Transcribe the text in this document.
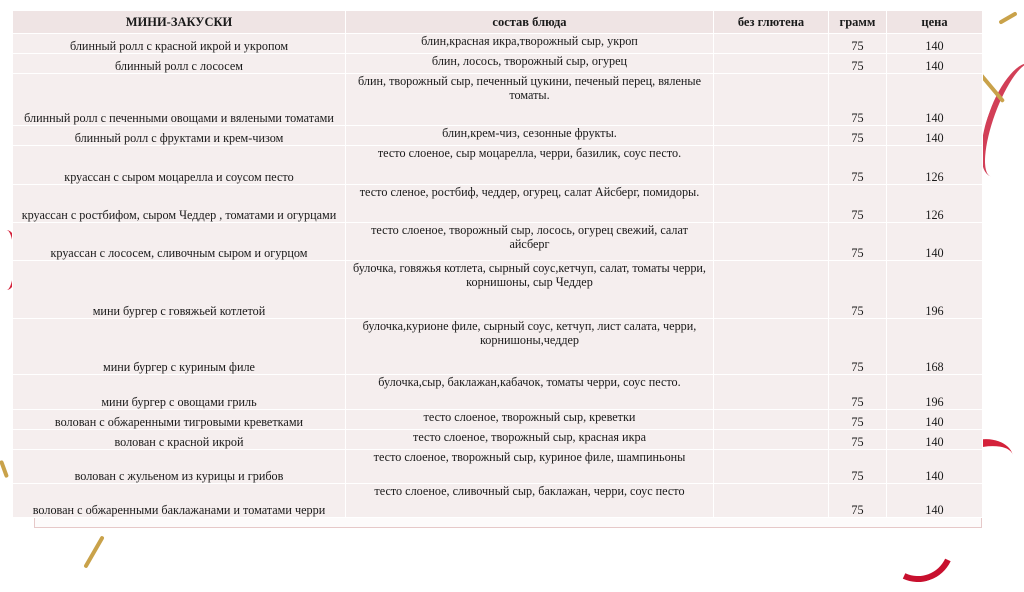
МИНИ-ЗАКУСКИ	состав блюда	без глютена	грамм	цена
блинный ролл с красной икрой и укропом	блин,красная икра,творожный сыр, укроп		75	140
блинный ролл с лососем	блин, лосось, творожный сыр, огурец		75	140
блинный ролл с печенными овощами и вялеными томатами	блин, творожный сыр, печенный цукини, печеный перец, вяленые томаты.		75	140
блинный ролл с фруктами и крем-чизом	блин,крем-чиз, сезонные фрукты.		75	140
круассан с сыром моцарелла и соусом песто	тесто слоеное, сыр моцарелла, черри, базилик, соус песто.		75	126
круассан с ростбифом, сыром Чеддер , томатами и огурцами	тесто сленое, ростбиф, чеддер, огурец, салат Айсберг, помидоры.		75	126
круассан с лососем, сливочным сыром и огурцом	тесто слоеное, творожный сыр, лосось, огурец свежий, салат айсберг		75	140
мини бургер с говяжьей котлетой	булочка, говяжья котлета, сырный соус,кетчуп, салат, томаты черри, корнишоны, сыр Чеддер		75	196
мини бургер с куриным филе	булочка,курионе филе, сырный соус, кетчуп, лист салата, черри, корнишоны,чеддер		75	168
мини бургер с овощами гриль	булочка,сыр, баклажан,кабачок, томаты черри, соус песто.		75	196
волован с обжаренными тигровыми креветками	тесто слоеное, творожный сыр, креветки		75	140
волован с красной икрой	тесто слоеное, творожный сыр, красная икра		75	140
волован с жульеном из курицы и грибов	тесто слоеное, творожный сыр, куриное филе, шампиньоны		75	140
волован с обжаренными баклажанами и томатами черри	тесто слоеное, сливочный сыр, баклажан, черри, соус песто		75	140
